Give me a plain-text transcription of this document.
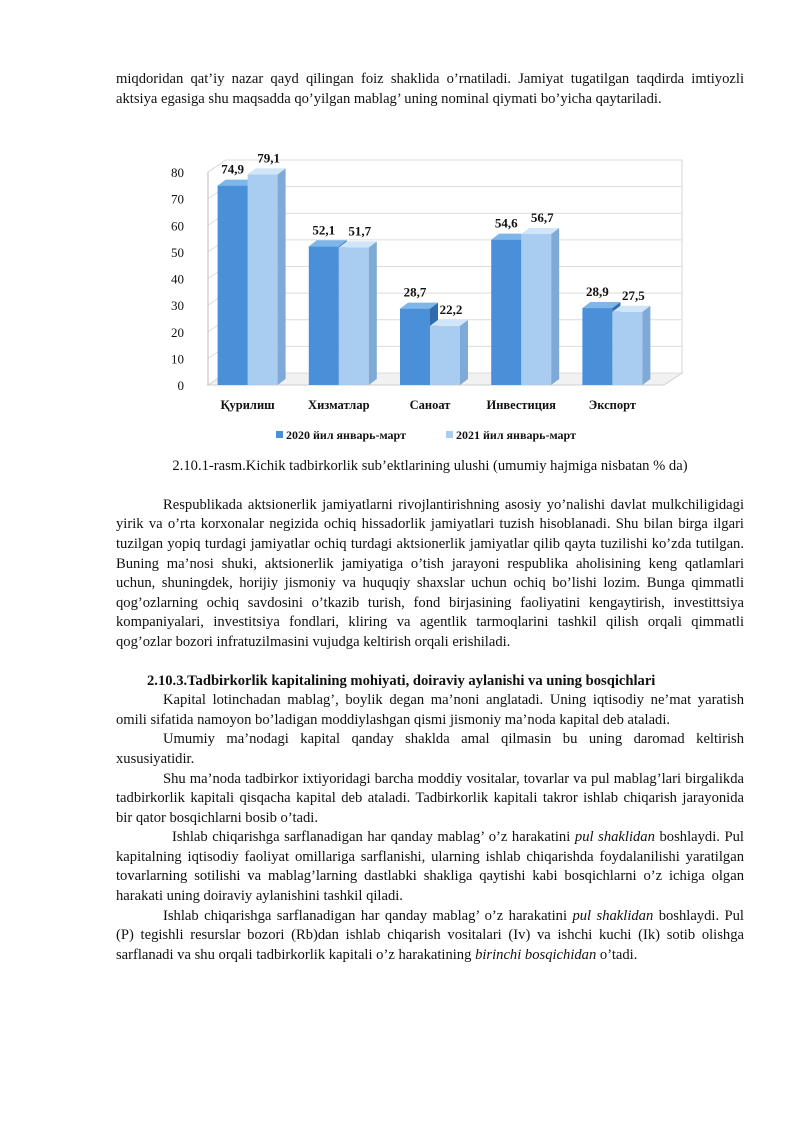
miqdoridan qat’iy nazar qayd qilingan foiz shaklida o’rnatiladi. Jamiyat tugatilgan taqdirda imtiyozli aktsiya egasiga shu maqsadda qo’yilgan mablag’ uning nominal qiymati bo’yicha qaytariladi.

0
10
20
30
40
50
60
70
80	74,9
79,1
Қурилиш
52,1 51,7
Хизматлар
28,7
22,2
Саноат
54,6 56,7
Инвестиция
28,9 27,5
Экспорт
2020 йил январь-март	2021 йил январь-март

2.10.1-rasm.Kichik tadbirkorlik sub’ektlarining ulushi (umumiy hajmiga nisbatan % da)

Respublikada aktsionerlik jamiyatlarni rivojlantirishning asosiy yo’nalishi davlat mulkchiligidagi yirik va o’rta korxonalar negizida ochiq hissadorlik jamiyatlari tuzish hisoblanadi. Shu bilan birga ilgari tuzilgan yopiq turdagi jamiyatlar ochiq turdagi aktsionerlik jamiyatlar qilib qayta tuzilishi ko’zda tutilgan. Buning ma’nosi shuki, aktsionerlik jamiyatiga o’tish jarayoni respublika aholisining keng qatlamlari uchun, shuningdek, horijiy jismoniy va huquqiy shaxslar uchun ochiq bo’lishi lozim. Bunga qimmatli qog’ozlarning ochiq savdosini o’tkazib turish, fond birjasining faoliyatini kengaytirish, investittsiya kompaniyalari, investitsiya fondlari, kliring va agentlik tarmoqlarini tashkil qilish orqali qimmatli qog’ozlar bozori infratuzilmasini vujudga keltirish orqali erishiladi.

2.10.3.Tadbirkorlik kapitalining mohiyati, doiraviy aylanishi va uning bosqichlari

Kapital lotinchadan mablag’, boylik degan ma’noni anglatadi. Uning iqtisodiy ne’mat yaratish omili sifatida namoyon bo’ladigan moddiylashgan qismi jismoniy ma’noda kapital deb ataladi.

Umumiy ma’nodagi kapital qanday shaklda amal qilmasin bu uning daromad keltirish xususiyatidir.

Shu ma’noda tadbirkor ixtiyoridagi barcha moddiy vositalar, tovarlar va pul mablag’lari birgalikda tadbirkorlik kapitali qisqacha kapital deb ataladi. Tadbirkorlik kapitali takror ishlab chiqarish jarayonida bir qator bosqichlarni bosib o’tadi.

Ishlab chiqarishga sarflanadigan har qanday mablag’ o’z harakatini pul shaklidan boshlaydi. Pul kapitalning iqtisodiy faoliyat omillariga sarflanishi, ularning ishlab chiqarishda foydalanilishi yaratilgan tovarlarning sotilishi va mablag’larning dastlabki shakliga qaytishi kabi bosqichlarni o’z ichiga olgan harakati uning doiraviy aylanishini tashkil qiladi.

Ishlab chiqarishga sarflanadigan har qanday mablag’ o’z harakatini pul shaklidan boshlaydi. Pul (P) tegishli resurslar bozori (Rb)dan ishlab chiqarish vositalari (Iv) va ishchi kuchi (Ik) sotib olishga sarflanadi va shu orqali tadbirkorlik kapitali o’z harakatining birinchi bosqichidan o’tadi.
